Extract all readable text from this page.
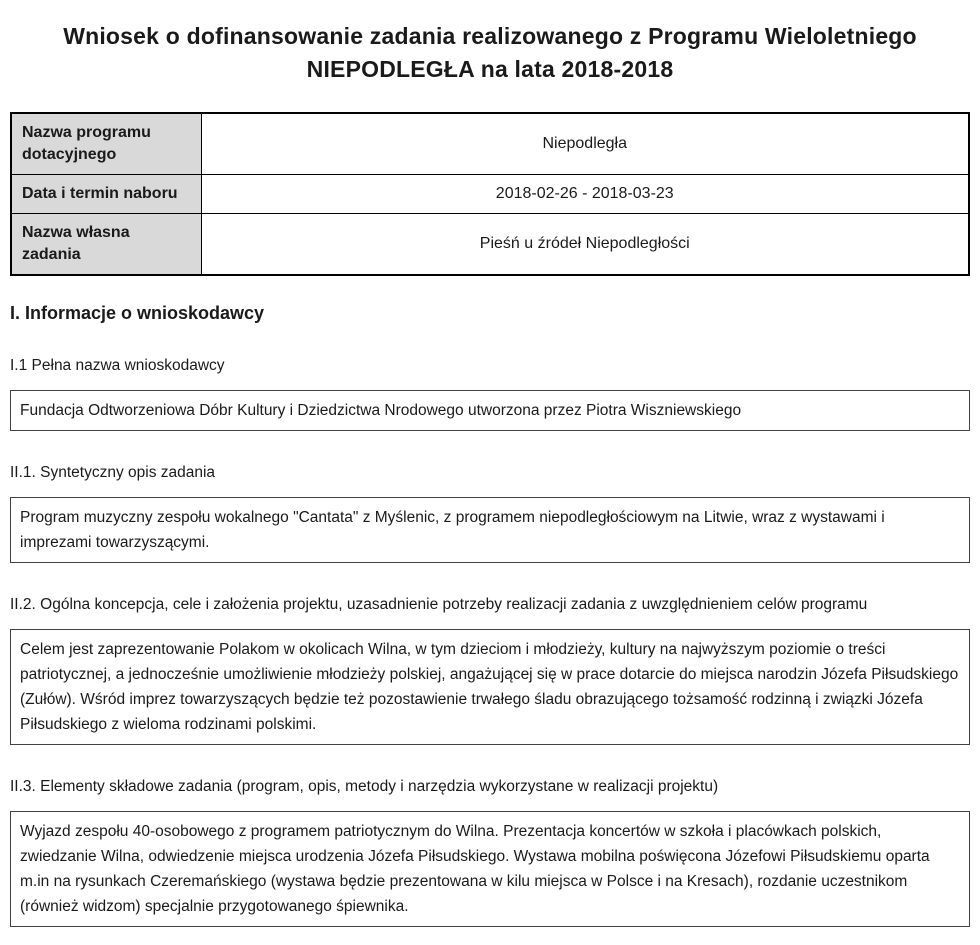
Wniosek o dofinansowanie zadania realizowanego z Programu Wieloletniego
NIEPODLEGŁA na lata 2018-2018
Nazwa programu dotacyjnego	Niepodległa
Data i termin naboru	2018-02-26 - 2018-03-23
Nazwa własna zadania	Pieśń u źródeł Niepodległości
I. Informacje o wnioskodawcy
I.1 Pełna nazwa wnioskodawcy
Fundacja Odtworzeniowa Dóbr Kultury i Dziedzictwa Nrodowego utworzona przez Piotra Wiszniewskiego
II.1. Syntetyczny opis zadania
Program muzyczny zespołu wokalnego "Cantata" z Myślenic, z programem niepodległościowym na Litwie, wraz z wystawami i imprezami towarzyszącymi.
II.2. Ogólna koncepcja, cele i założenia projektu, uzasadnienie potrzeby realizacji zadania z uwzględnieniem celów programu
Celem jest zaprezentowanie Polakom w okolicach Wilna, w tym dzieciom i młodzieży, kultury na najwyższym poziomie o treści patriotycznej, a jednocześnie umożliwienie młodzieży polskiej, angażującej się w prace dotarcie do miejsca narodzin Józefa Piłsudskiego (Zułów). Wśród imprez towarzyszących będzie też pozostawienie trwałego śladu obrazującego tożsamość rodzinną i związki Józefa Piłsudskiego z wieloma rodzinami polskimi.
II.3. Elementy składowe zadania (program, opis, metody i narzędzia wykorzystane w realizacji projektu)
Wyjazd zespołu 40-osobowego z programem patriotycznym do Wilna. Prezentacja koncertów w szkoła i placówkach polskich, zwiedzanie Wilna, odwiedzenie miejsca urodzenia Józefa Piłsudskiego. Wystawa mobilna poświęcona Józefowi Piłsudskiemu oparta m.in na rysunkach Czeremańskiego (wystawa będzie prezentowana w kilu miejsca w Polsce i na Kresach), rozdanie uczestnikom (również widzom) specjalnie przygotowanego śpiewnika.
